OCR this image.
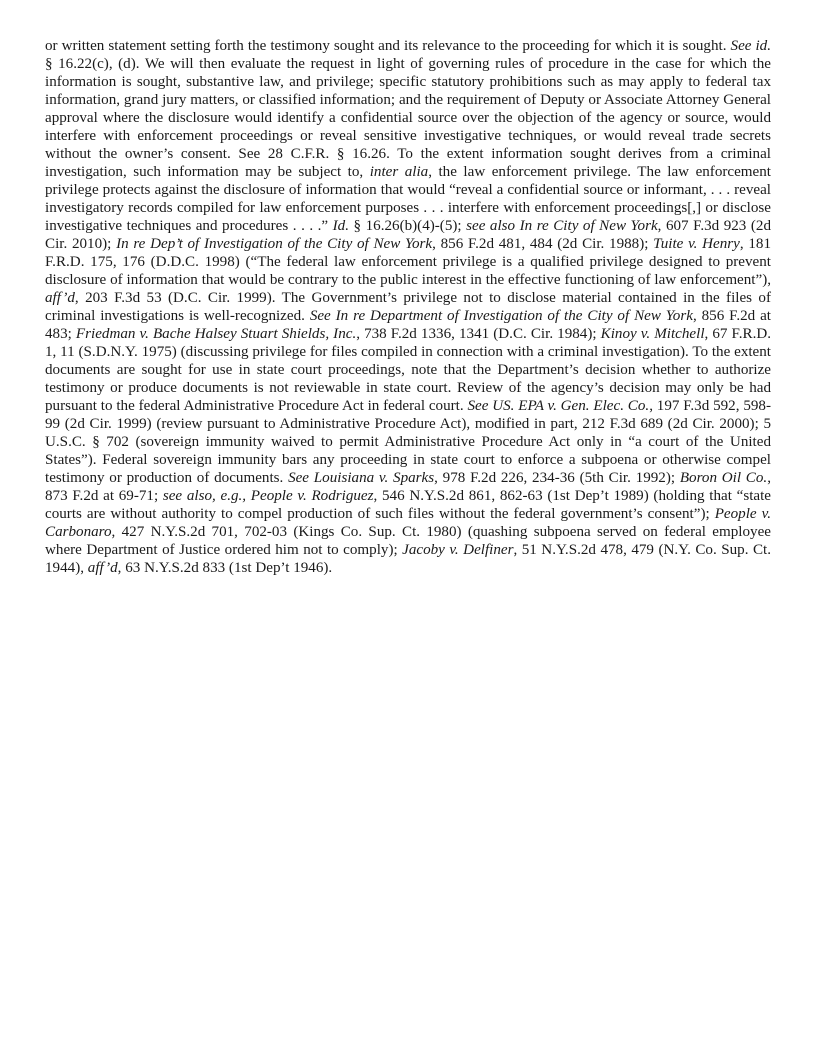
or written statement setting forth the testimony sought and its relevance to the proceeding for which it is sought. See id. § 16.22(c), (d). We will then evaluate the request in light of governing rules of procedure in the case for which the information is sought, substantive law, and privilege; specific statutory prohibitions such as may apply to federal tax information, grand jury matters, or classified information; and the requirement of Deputy or Associate Attorney General approval where the disclosure would identify a confidential source over the objection of the agency or source, would interfere with enforcement proceedings or reveal sensitive investigative techniques, or would reveal trade secrets without the owner’s consent. See 28 C.F.R. § 16.26. To the extent information sought derives from a criminal investigation, such information may be subject to, inter alia, the law enforcement privilege. The law enforcement privilege protects against the disclosure of information that would “reveal a confidential source or informant, . . . reveal investigatory records compiled for law enforcement purposes . . . interfere with enforcement proceedings[,] or disclose investigative techniques and procedures . . . .” Id. § 16.26(b)(4)-(5); see also In re City of New York, 607 F.3d 923 (2d Cir. 2010); In re Dep’t of Investigation of the City of New York, 856 F.2d 481, 484 (2d Cir. 1988); Tuite v. Henry, 181 F.R.D. 175, 176 (D.D.C. 1998) (“The federal law enforcement privilege is a qualified privilege designed to prevent disclosure of information that would be contrary to the public interest in the effective functioning of law enforcement”), aff’d, 203 F.3d 53 (D.C. Cir. 1999). The Government’s privilege not to disclose material contained in the files of criminal investigations is well-recognized. See In re Department of Investigation of the City of New York, 856 F.2d at 483; Friedman v. Bache Halsey Stuart Shields, Inc., 738 F.2d 1336, 1341 (D.C. Cir. 1984); Kinoy v. Mitchell, 67 F.R.D. 1, 11 (S.D.N.Y. 1975) (discussing privilege for files compiled in connection with a criminal investigation). To the extent documents are sought for use in state court proceedings, note that the Department’s decision whether to authorize testimony or produce documents is not reviewable in state court. Review of the agency’s decision may only be had pursuant to the federal Administrative Procedure Act in federal court. See US. EPA v. Gen. Elec. Co., 197 F.3d 592, 598-99 (2d Cir. 1999) (review pursuant to Administrative Procedure Act), modified in part, 212 F.3d 689 (2d Cir. 2000); 5 U.S.C. § 702 (sovereign immunity waived to permit Administrative Procedure Act only in “a court of the United States”). Federal sovereign immunity bars any proceeding in state court to enforce a subpoena or otherwise compel testimony or production of documents. See Louisiana v. Sparks, 978 F.2d 226, 234-36 (5th Cir. 1992); Boron Oil Co., 873 F.2d at 69-71; see also, e.g., People v. Rodriguez, 546 N.Y.S.2d 861, 862-63 (1st Dep’t 1989) (holding that “state courts are without authority to compel production of such files without the federal government’s consent”); People v. Carbonaro, 427 N.Y.S.2d 701, 702-03 (Kings Co. Sup. Ct. 1980) (quashing subpoena served on federal employee where Department of Justice ordered him not to comply); Jacoby v. Delfiner, 51 N.Y.S.2d 478, 479 (N.Y. Co. Sup. Ct. 1944), aff’d, 63 N.Y.S.2d 833 (1st Dep’t 1946).
